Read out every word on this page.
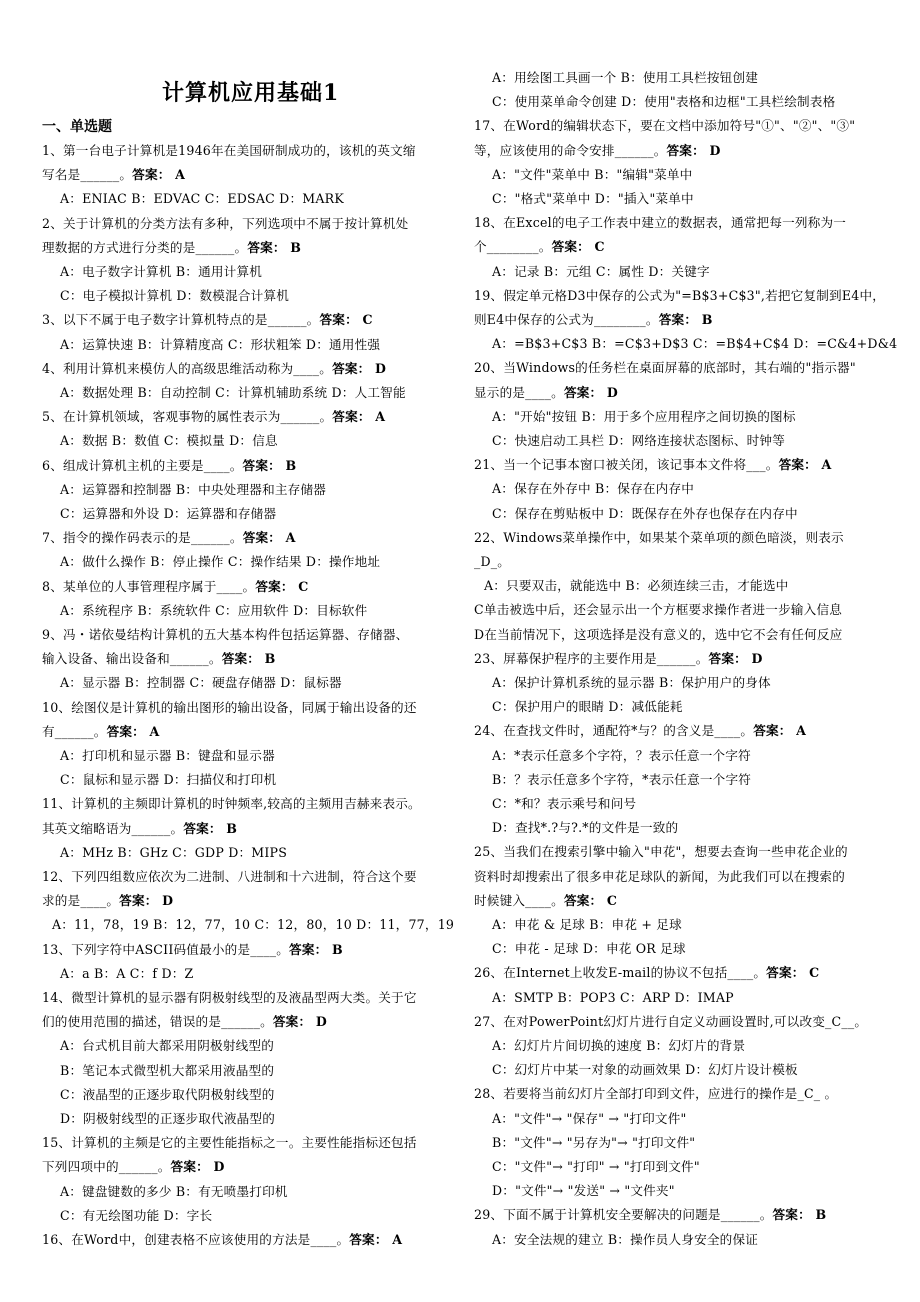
计算机应用基础1
一、单选题
1、第一台电子计算机是1946年在美国研制成功的，该机的英文缩
写名是______。答案： A
A：ENIAC B：EDVAC C：EDSAC D：MARK
2、关于计算机的分类方法有多种，下列选项中不属于按计算机处
理数据的方式进行分类的是______。答案： B
A：电子数字计算机 B：通用计算机
C：电子模拟计算机 D：数模混合计算机
3、以下不属于电子数字计算机特点的是______。答案： C
A：运算快速 B：计算精度高 C：形状粗笨 D：通用性强
4、利用计算机来模仿人的高级思维活动称为____。答案： D
A：数据处理 B：自动控制 C：计算机辅助系统 D：人工智能
5、在计算机领域，客观事物的属性表示为______。答案： A
A：数据 B：数值 C：模拟量 D：信息
6、组成计算机主机的主要是____。答案： B
A：运算器和控制器 B：中央处理器和主存储器
C：运算器和外设 D：运算器和存储器
7、指令的操作码表示的是______。答案： A
A：做什么操作 B：停止操作 C：操作结果 D：操作地址
8、某单位的人事管理程序属于____。答案： C
A：系统程序 B：系统软件 C：应用软件 D：目标软件
9、冯・诺依曼结构计算机的五大基本构件包括运算器、存储器、
输入设备、输出设备和______。答案： B
A：显示器 B：控制器 C：硬盘存储器 D：鼠标器
10、绘图仪是计算机的输出图形的输出设备，同属于输出设备的还
有______。答案： A
A：打印机和显示器 B：键盘和显示器
C：鼠标和显示器 D：扫描仪和打印机
11、计算机的主频即计算机的时钟频率,较高的主频用吉赫来表示。
其英文缩略语为______。答案： B
A：MHz B：GHz C：GDP D：MIPS
12、下列四组数应依次为二进制、八进制和十六进制，符合这个要
求的是____。答案： D
A：11，78，19 B：12，77，10 C：12，80，10 D：11，77，19
13、下列字符中ASCII码值最小的是____。答案： B
A：a B：A C：f D：Z
14、微型计算机的显示器有阴极射线型的及液晶型两大类。关于它
们的使用范围的描述，错误的是______。答案： D
A：台式机目前大都采用阴极射线型的
B：笔记本式微型机大都采用液晶型的
C：液晶型的正逐步取代阴极射线型的
D：阴极射线型的正逐步取代液晶型的
15、计算机的主频是它的主要性能指标之一。主要性能指标还包括
下列四项中的______。答案： D
A：键盘键数的多少 B：有无喷墨打印机
C：有无绘图功能 D：字长
16、在Word中，创建表格不应该使用的方法是____。答案： A
A：用绘图工具画一个 B：使用工具栏按钮创建
C：使用菜单命令创建 D：使用"表格和边框"工具栏绘制表格
17、在Word的编辑状态下，要在文档中添加符号"①"、"②"、"③"
等，应该使用的命令安排______。答案： D
A："文件"菜单中 B："编辑"菜单中
C："格式"菜单中 D："插入"菜单中
18、在Excel的电子工作表中建立的数据表，通常把每一列称为一
个________。答案： C
A：记录 B：元组 C：属性 D：关键字
19、假定单元格D3中保存的公式为"=B$3+C$3",若把它复制到E4中，
则E4中保存的公式为________。答案： B
A：=B$3+C$3 B：=C$3+D$3 C：=B$4+C$4 D：=C&4+D&4
20、当Windows的任务栏在桌面屏幕的底部时，其右端的"指示器"
显示的是____。答案： D
A："开始"按钮 B：用于多个应用程序之间切换的图标
C：快速启动工具栏 D：网络连接状态图标、时钟等
21、当一个记事本窗口被关闭，该记事本文件将___。答案： A
A：保存在外存中 B：保存在内存中
C：保存在剪贴板中 D：既保存在外存也保存在内存中
22、Windows菜单操作中，如果某个菜单项的颜色暗淡，则表示
_D_。
A：只要双击，就能选中 B：必须连续三击，才能选中
C单击被选中后，还会显示出一个方框要求操作者进一步输入信息
D在当前情况下，这项选择是没有意义的，选中它不会有任何反应
23、屏幕保护程序的主要作用是______。答案： D
A：保护计算机系统的显示器 B：保护用户的身体
C：保护用户的眼睛 D：减低能耗
24、在查找文件时，通配符*与？的含义是____。答案： A
A：*表示任意多个字符，？表示任意一个字符
B：？表示任意多个字符，*表示任意一个字符
C：*和？表示乘号和问号
D：查找*.?与?.*的文件是一致的
25、当我们在搜索引擎中输入"申花"，想要去查询一些申花企业的
资料时却搜索出了很多申花足球队的新闻，为此我们可以在搜索的
时候键入____。答案： C
A：申花 & 足球 B：申花 + 足球
C：申花 - 足球 D：申花 OR 足球
26、在Internet上收发E-mail的协议不包括____。答案： C
A：SMTP B：POP3 C：ARP D：IMAP
27、在对PowerPoint幻灯片进行自定义动画设置时,可以改变_C__。
A：幻灯片片间切换的速度 B：幻灯片的背景
C：幻灯片中某一对象的动画效果 D：幻灯片设计模板
28、若要将当前幻灯片全部打印到文件，应进行的操作是_C_ 。
A："文件"→ "保存" → "打印文件"
B："文件"→ "另存为"→ "打印文件"
C："文件"→ "打印" → "打印到文件"
D："文件"→ "发送" → "文件夹"
29、下面不属于计算机安全要解决的问题是______。答案： B
A：安全法规的建立 B：操作员人身安全的保证
